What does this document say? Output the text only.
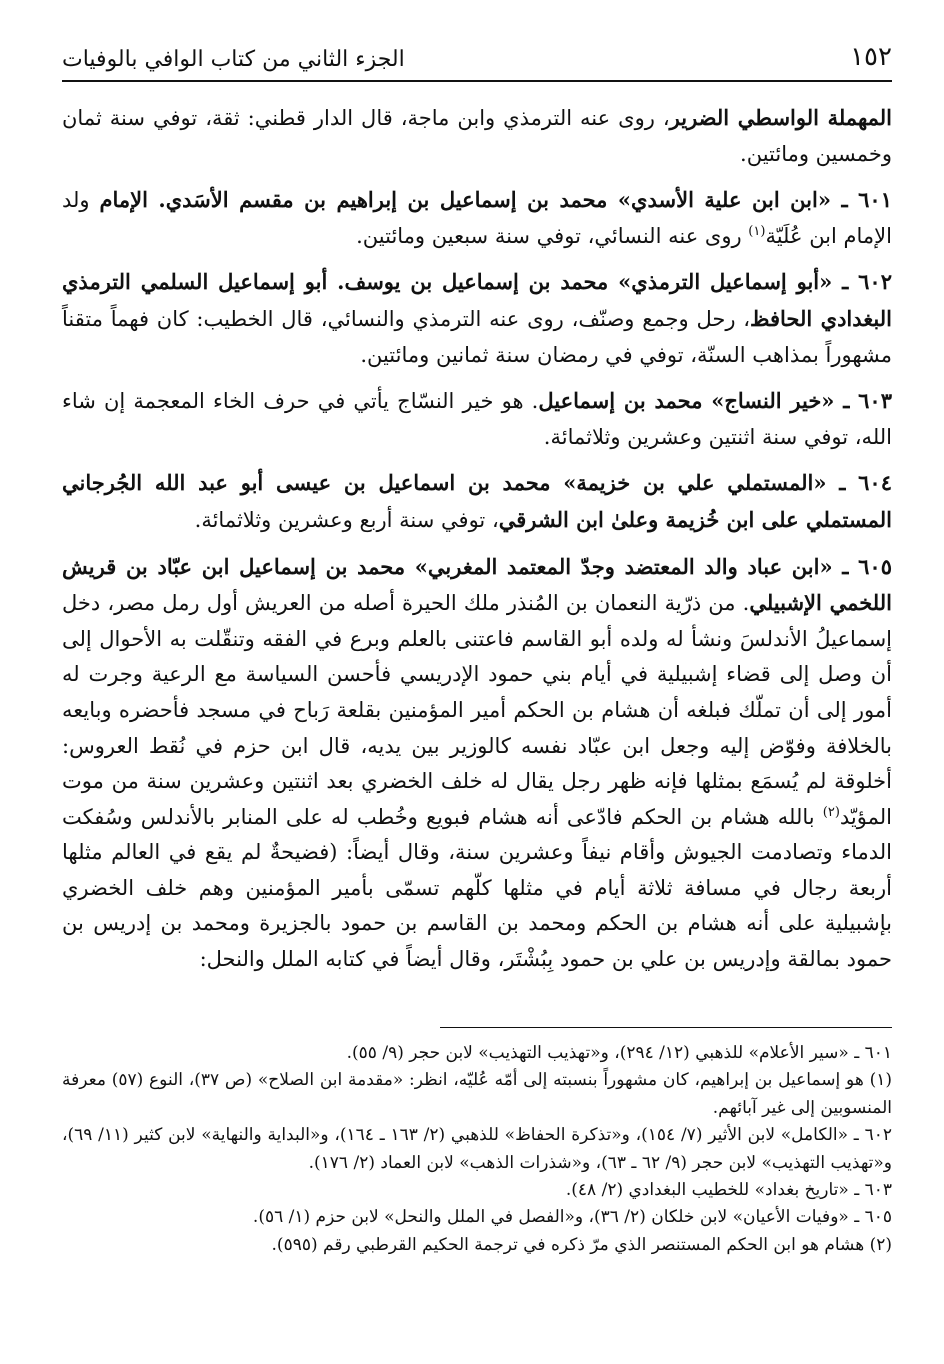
١٥٢
الجزء الثاني من كتاب الوافي بالوفيات

المهملة الواسطي الضرير، روى عنه الترمذي وابن ماجة، قال الدار قطني: ثقة، توفي سنة ثمان وخمسين ومائتين.

٦٠١ ـ «ابن ابن علية الأسدي» محمد بن إسماعيل بن إبراهيم بن مقسم الأسَدي. الإمام ولد الإمام ابن عُلَيّة$^{(١)}$ روى عنه النسائي، توفي سنة سبعين ومائتين.

٦٠٢ ـ «أبو إسماعيل الترمذي» محمد بن إسماعيل بن يوسف. أبو إسماعيل السلمي الترمذي البغدادي الحافظ، رحل وجمع وصنّف، روى عنه الترمذي والنسائي، قال الخطيب: كان فهماً متقناً مشهوراً بمذاهب السنّة، توفي في رمضان سنة ثمانين ومائتين.

٦٠٣ ـ «خير النساج» محمد بن إسماعيل. هو خير النسّاج يأتي في حرف الخاء المعجمة إن شاء الله، توفي سنة اثنتين وعشرين وثلاثمائة.

٦٠٤ ـ «المستملي علي بن خزيمة» محمد بن اسماعيل بن عيسى أبو عبد الله الجُرجاني المستملي على ابن خُزيمة وعلىٰ ابن الشرقي، توفي سنة أربع وعشرين وثلاثمائة.

٦٠٥ ـ «ابن عباد والد المعتضد وجدّ المعتمد المغربي» محمد بن إسماعيل ابن عبّاد بن قريش اللخمي الإشبيلي. من ذرّية النعمان بن المُنذر ملك الحيرة أصله من العريش أول رمل مصر، دخل إسماعيلُ الأندلسَ ونشأ له ولده أبو القاسم فاعتنى بالعلم وبرع في الفقه وتنقّلت به الأحوال إلى أن وصل إلى قضاء إشبيلية في أيام بني حمود الإدريسي فأحسن السياسة مع الرعية وجرت له أمور إلى أن تملّك فبلغه أن هشام بن الحكم أمير المؤمنين بقلعة رَباح في مسجد فأحضره وبايعه بالخلافة وفوّض إليه وجعل ابن عبّاد نفسه كالوزير بين يديه، قال ابن حزم في نُقط العروس: أخلوقة لم يُسمَع بمثلها فإنه ظهر رجل يقال له خلف الخضري بعد اثنتين وعشرين سنة من موت المؤيّد$^{(٢)}$ بالله هشام بن الحكم فادّعى أنه هشام فبويع وخُطب له على المنابر بالأندلس وسُفكت الدماء وتصادمت الجيوش وأقام نيفاً وعشرين سنة، وقال أيضاً: (فضيحةٌ لم يقع في العالم مثلها أربعة رجال في مسافة ثلاثة أيام في مثلها كلّهم تسمّى بأمير المؤمنين وهم خلف الخضري بإشبيلية على أنه هشام بن الحكم ومحمد بن القاسم بن حمود بالجزيرة ومحمد بن إدريس بن حمود بمالقة وإدريس بن علي بن حمود بِبُشْتَر، وقال أيضاً في كتابه الملل والنحل:

٦٠١ ـ «سير الأعلام» للذهبي (١٢/ ٢٩٤)، و«تهذيب التهذيب» لابن حجر (٩/ ٥٥).

(١) هو إسماعيل بن إبراهيم، كان مشهوراً بنسبته إلى أمّه عُليّه، انظر: «مقدمة ابن الصلاح» (ص ٣٧)، النوع (٥٧) معرفة المنسوبين إلى غير آبائهم.

٦٠٢ ـ «الكامل» لابن الأثير (٧/ ١٥٤)، و«تذكرة الحفاظ» للذهبي (٢/ ١٦٣ ـ ١٦٤)، و«البداية والنهاية» لابن كثير (١١/ ٦٩)، و«تهذيب التهذيب» لابن حجر (٩/ ٦٢ ـ ٦٣)، و«شذرات الذهب» لابن العماد (٢/ ١٧٦).

٦٠٣ ـ «تاريخ بغداد» للخطيب البغدادي (٢/ ٤٨).

٦٠٥ ـ «وفيات الأعيان» لابن خلكان (٢/ ٣٦)، و«الفصل في الملل والنحل» لابن حزم (١/ ٥٦).

(٢) هشام هو ابن الحكم المستنصر الذي مرّ ذكره في ترجمة الحكيم القرطبي رقم (٥٩٥).
